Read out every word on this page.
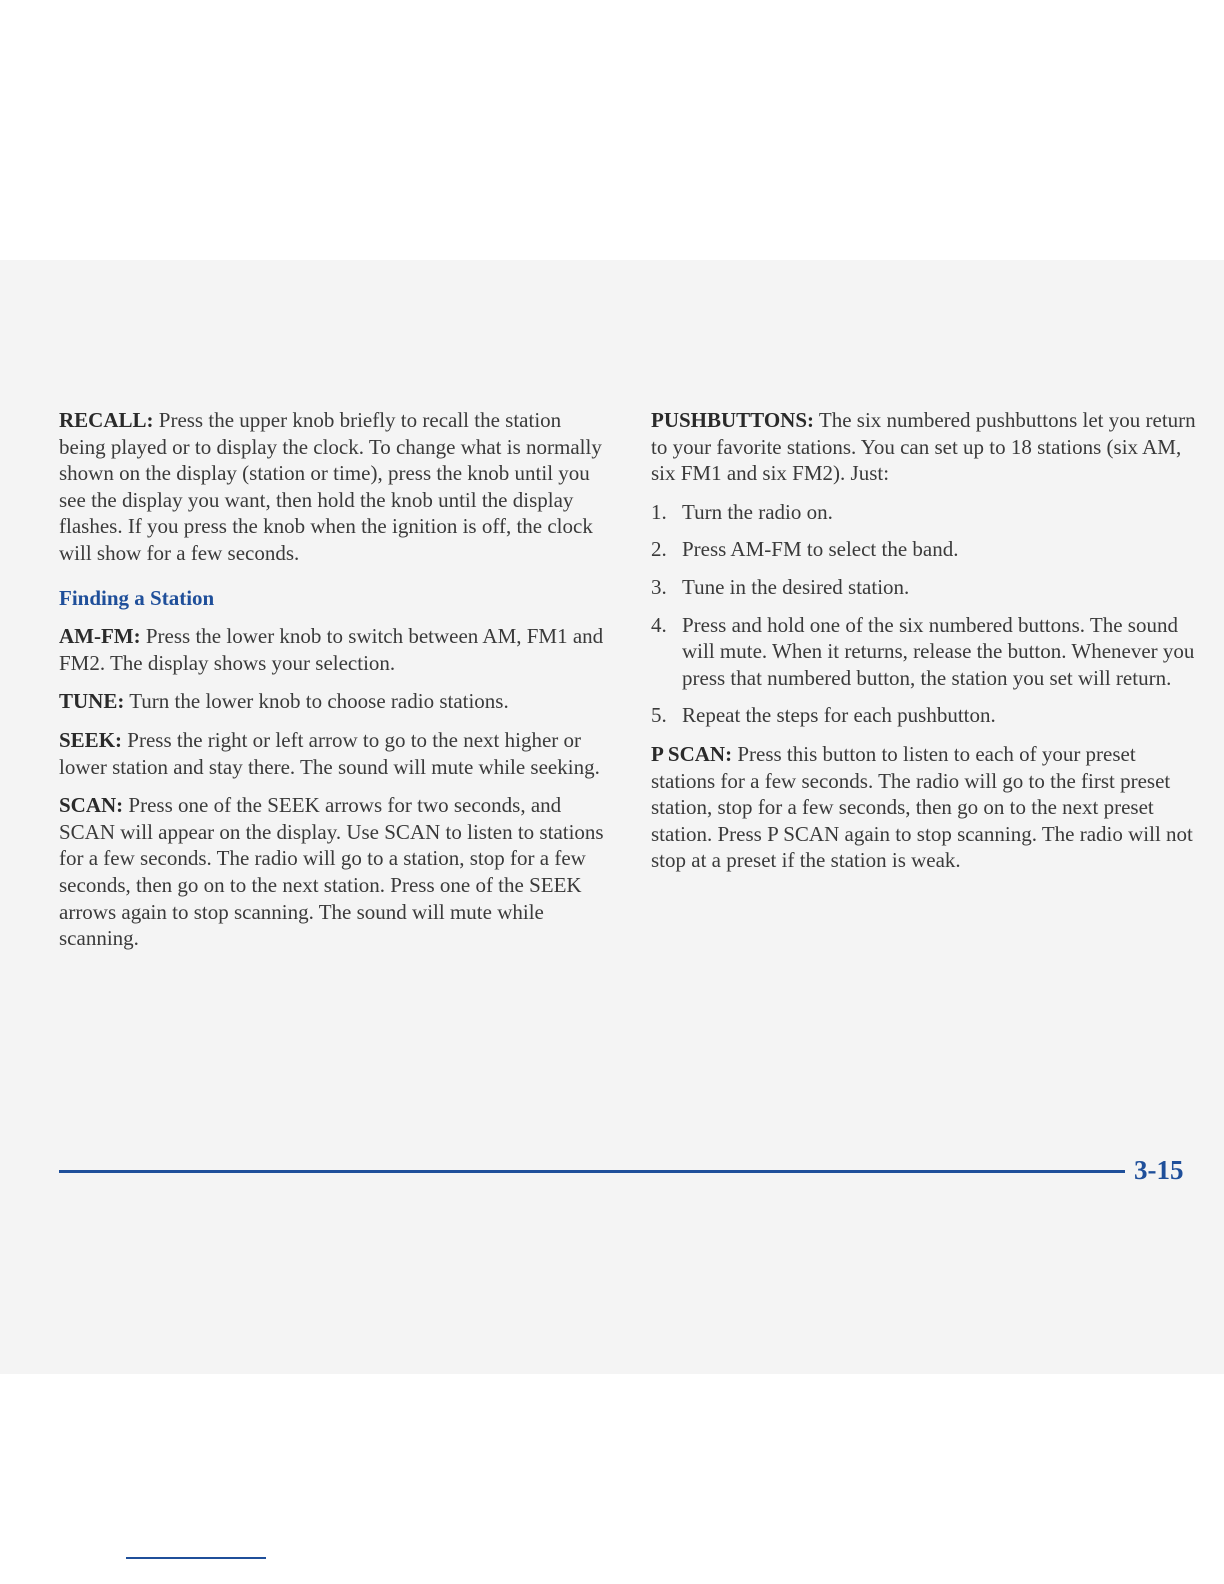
RECALL: Press the upper knob briefly to recall the station being played or to display the clock. To change what is normally shown on the display (station or time), press the knob until you see the display you want, then hold the knob until the display flashes. If you press the knob when the ignition is off, the clock will show for a few seconds.

Finding a Station

AM-FM: Press the lower knob to switch between AM, FM1 and FM2. The display shows your selection.

TUNE: Turn the lower knob to choose radio stations.

SEEK: Press the right or left arrow to go to the next higher or lower station and stay there. The sound will mute while seeking.

SCAN: Press one of the SEEK arrows for two seconds, and SCAN will appear on the display. Use SCAN to listen to stations for a few seconds. The radio will go to a station, stop for a few seconds, then go on to the next station. Press one of the SEEK arrows again to stop scanning. The sound will mute while scanning.

PUSHBUTTONS: The six numbered pushbuttons let you return to your favorite stations. You can set up to 18 stations (six AM, six FM1 and six FM2). Just:

1. Turn the radio on.
2. Press AM-FM to select the band.
3. Tune in the desired station.
4. Press and hold one of the six numbered buttons. The sound will mute. When it returns, release the button. Whenever you press that numbered button, the station you set will return.
5. Repeat the steps for each pushbutton.

P SCAN: Press this button to listen to each of your preset stations for a few seconds. The radio will go to the first preset station, stop for a few seconds, then go on to the next preset station. Press P SCAN again to stop scanning. The radio will not stop at a preset if the station is weak.

3-15
